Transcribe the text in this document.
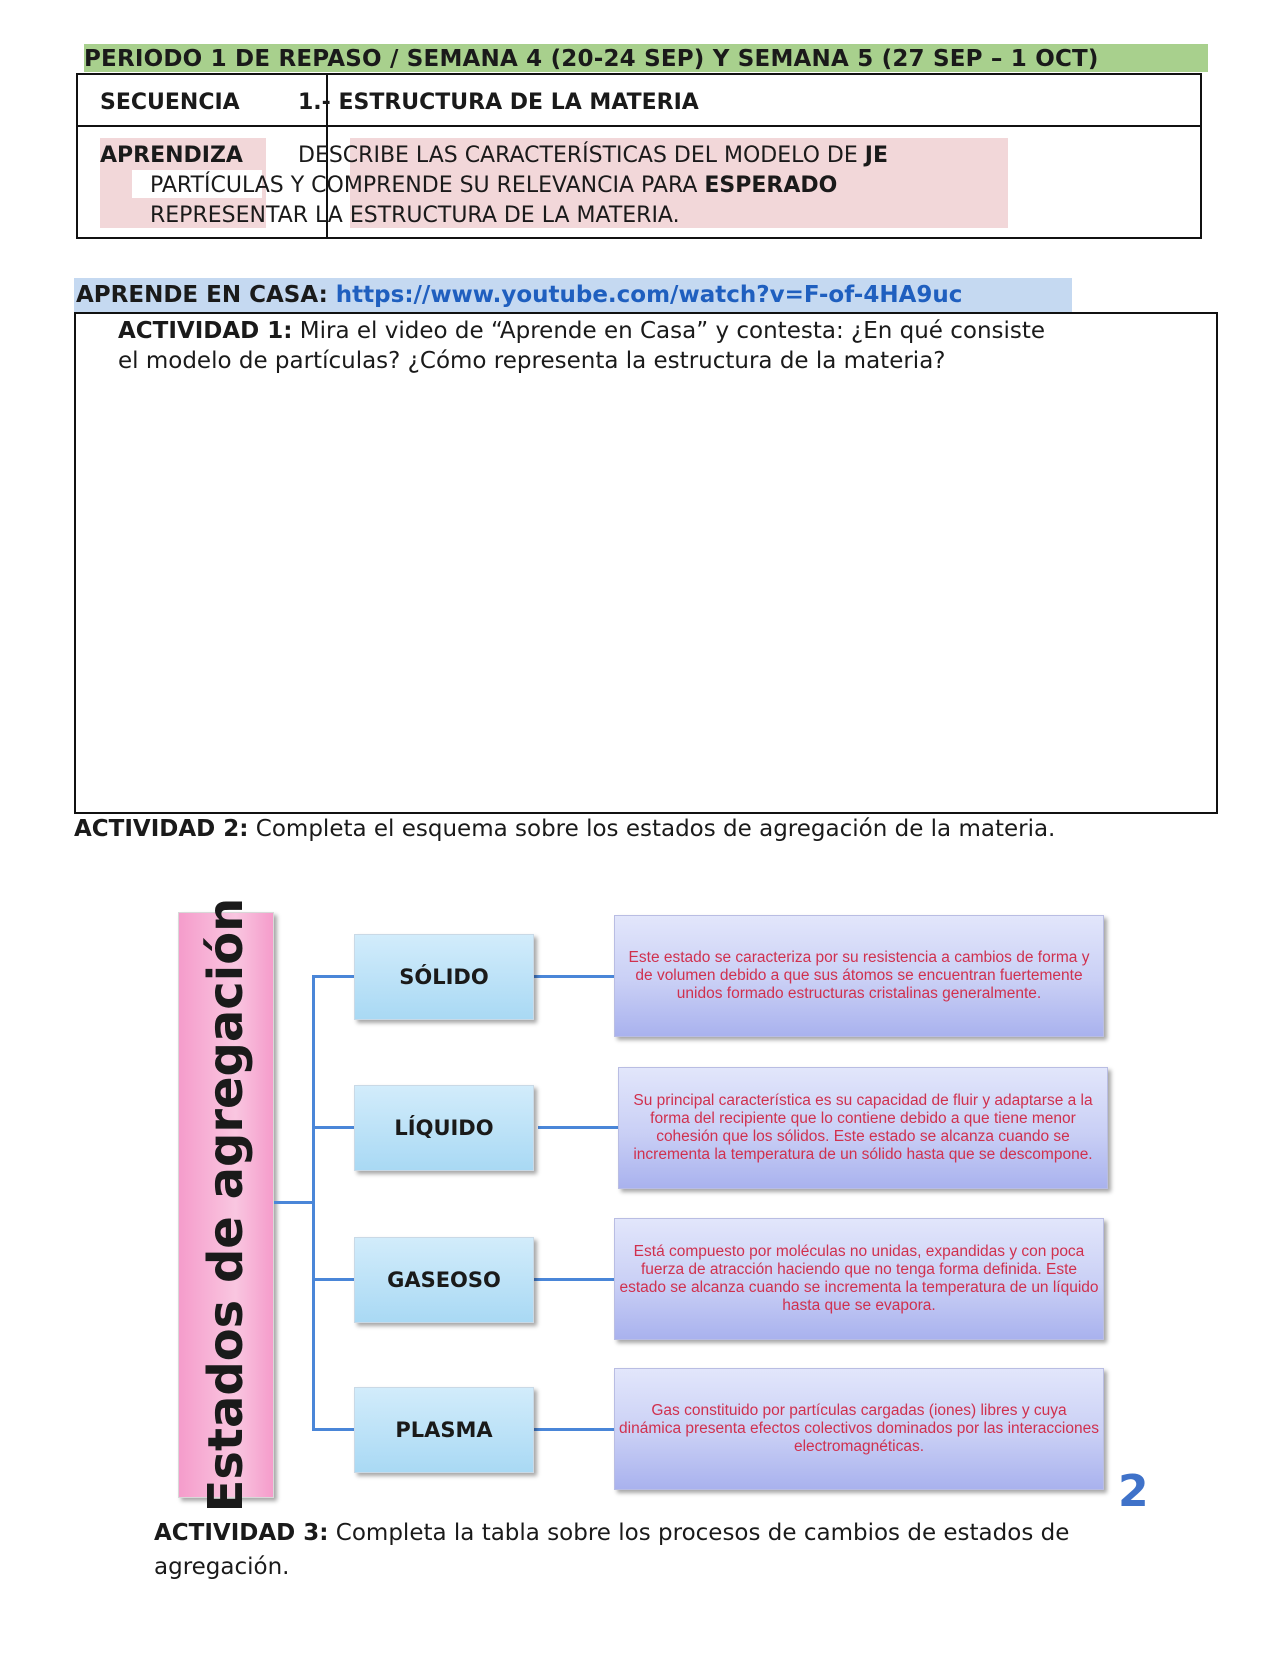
PERIODO 1 DE REPASO / SEMANA 4 (20-24 SEP) Y SEMANA 5 (27 SEP – 1 OCT)
SECUENCIA	1.- ESTRUCTURA DE LA MATERIA
APRENDIZA	DESCRIBE LAS CARACTERÍSTICAS DEL MODELO DE JE
PARTÍCULAS Y COMPRENDE SU RELEVANCIA PARA ESPERADO
REPRESENTAR LA ESTRUCTURA DE LA MATERIA.
APRENDE EN CASA: https://www.youtube.com/watch?v=F-of-4HA9uc
ACTIVIDAD 1: Mira el video de “Aprende en Casa” y contesta: ¿En qué consiste
el modelo de partículas? ¿Cómo representa la estructura de la materia?
ACTIVIDAD 2: Completa el esquema sobre los estados de agregación de la materia.
Estados de agregación	SÓLIDO
LÍQUIDO
GASEOSO
PLASMA
Este estado se caracteriza por su resistencia a cambios de forma y de volumen debido a que sus átomos se encuentran fuertemente unidos formado estructuras cristalinas generalmente.
Su principal característica es su capacidad de fluir y adaptarse a la forma del recipiente que lo contiene debido a que tiene menor cohesión que los sólidos. Este estado se alcanza cuando se incrementa la temperatura de un sólido hasta que se descompone.
Está compuesto por moléculas no unidas, expandidas y con poca fuerza de atracción haciendo que no tenga forma definida. Este estado se alcanza cuando se incrementa la temperatura de un líquido hasta que se evapora.
Gas constituido por partículas cargadas (iones) libres y cuya dinámica presenta efectos colectivos dominados por las interacciones electromagnéticas.
2
ACTIVIDAD 3: Completa la tabla sobre los procesos de cambios de estados de agregación.
